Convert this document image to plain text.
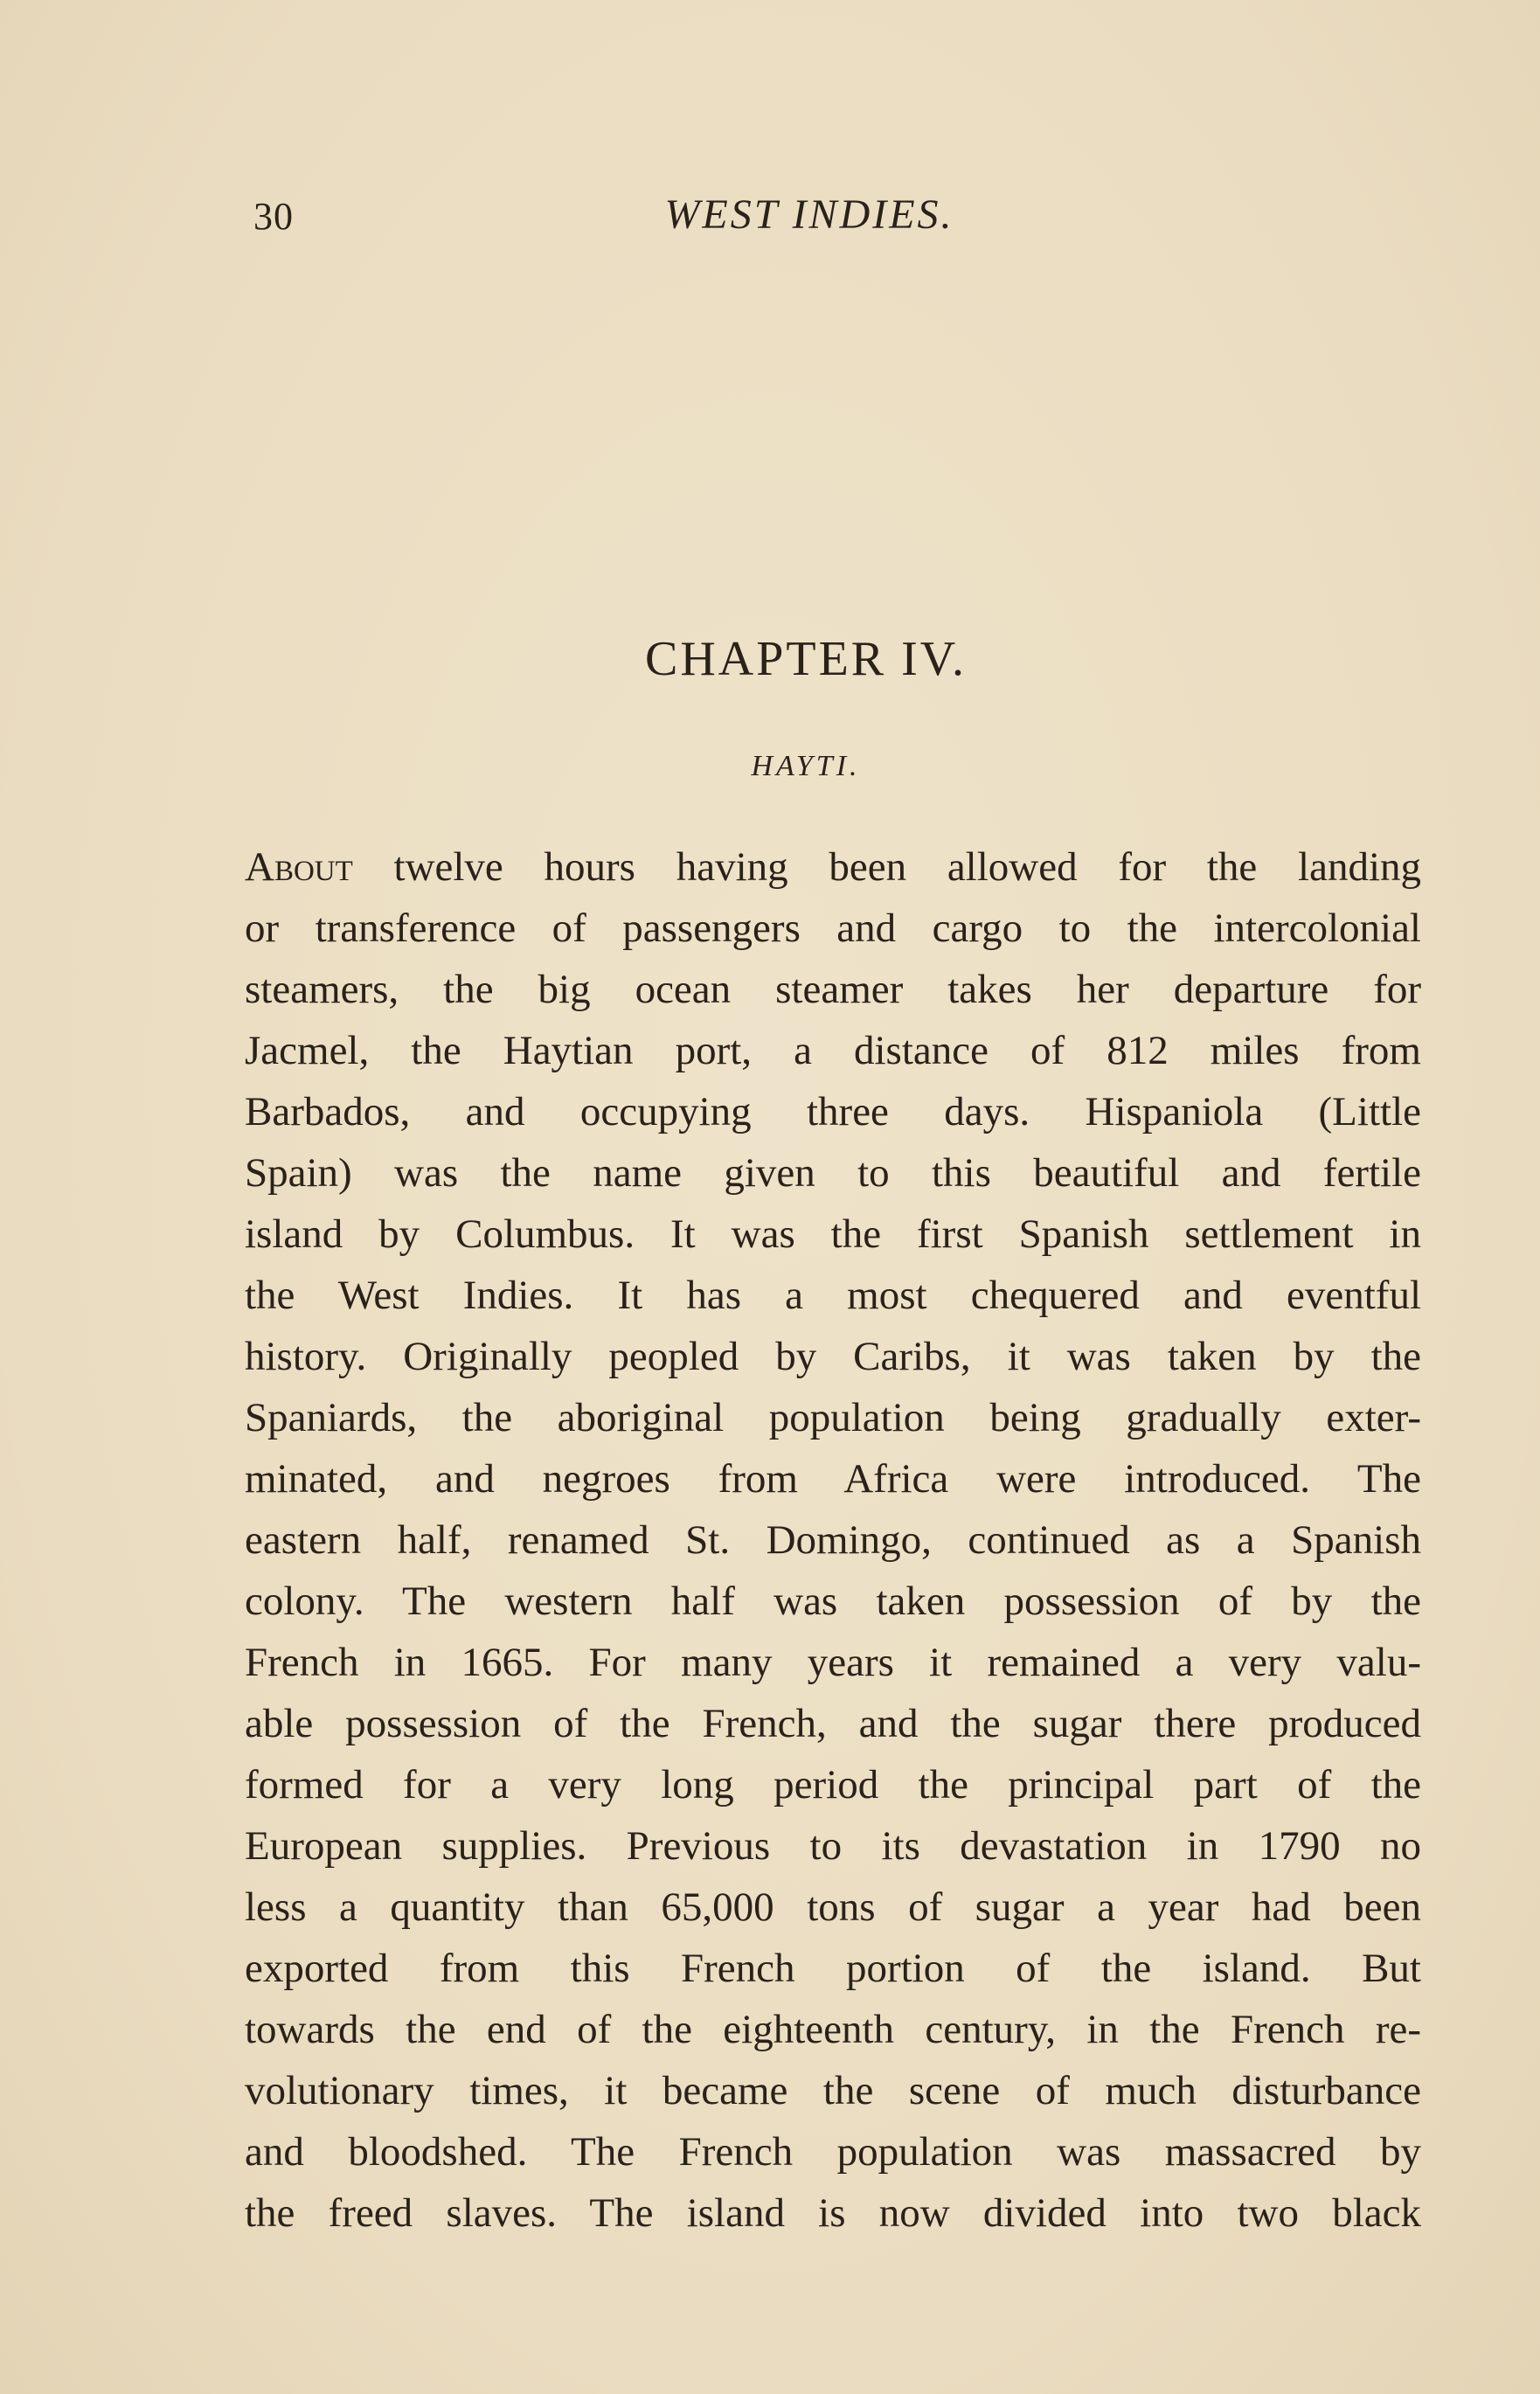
30	WEST INDIES.
CHAPTER IV.
HAYTI.
About twelve hours having been allowed for the landing
or transference of passengers and cargo to the intercolonial
steamers, the big ocean steamer takes her departure for
Jacmel, the Haytian port, a distance of 812 miles from
Barbados, and occupying three days. Hispaniola (Little
Spain) was the name given to this beautiful and fertile
island by Columbus. It was the first Spanish settlement in
the West Indies. It has a most chequered and eventful
history. Originally peopled by Caribs, it was taken by the
Spaniards, the aboriginal population being gradually exter-
minated, and negroes from Africa were introduced. The
eastern half, renamed St. Domingo, continued as a Spanish
colony. The western half was taken possession of by the
French in 1665. For many years it remained a very valu-
able possession of the French, and the sugar there produced
formed for a very long period the principal part of the
European supplies. Previous to its devastation in 1790 no
less a quantity than 65,000 tons of sugar a year had been
exported from this French portion of the island. But
towards the end of the eighteenth century, in the French re-
volutionary times, it became the scene of much disturbance
and bloodshed. The French population was massacred by
the freed slaves. The island is now divided into two black
